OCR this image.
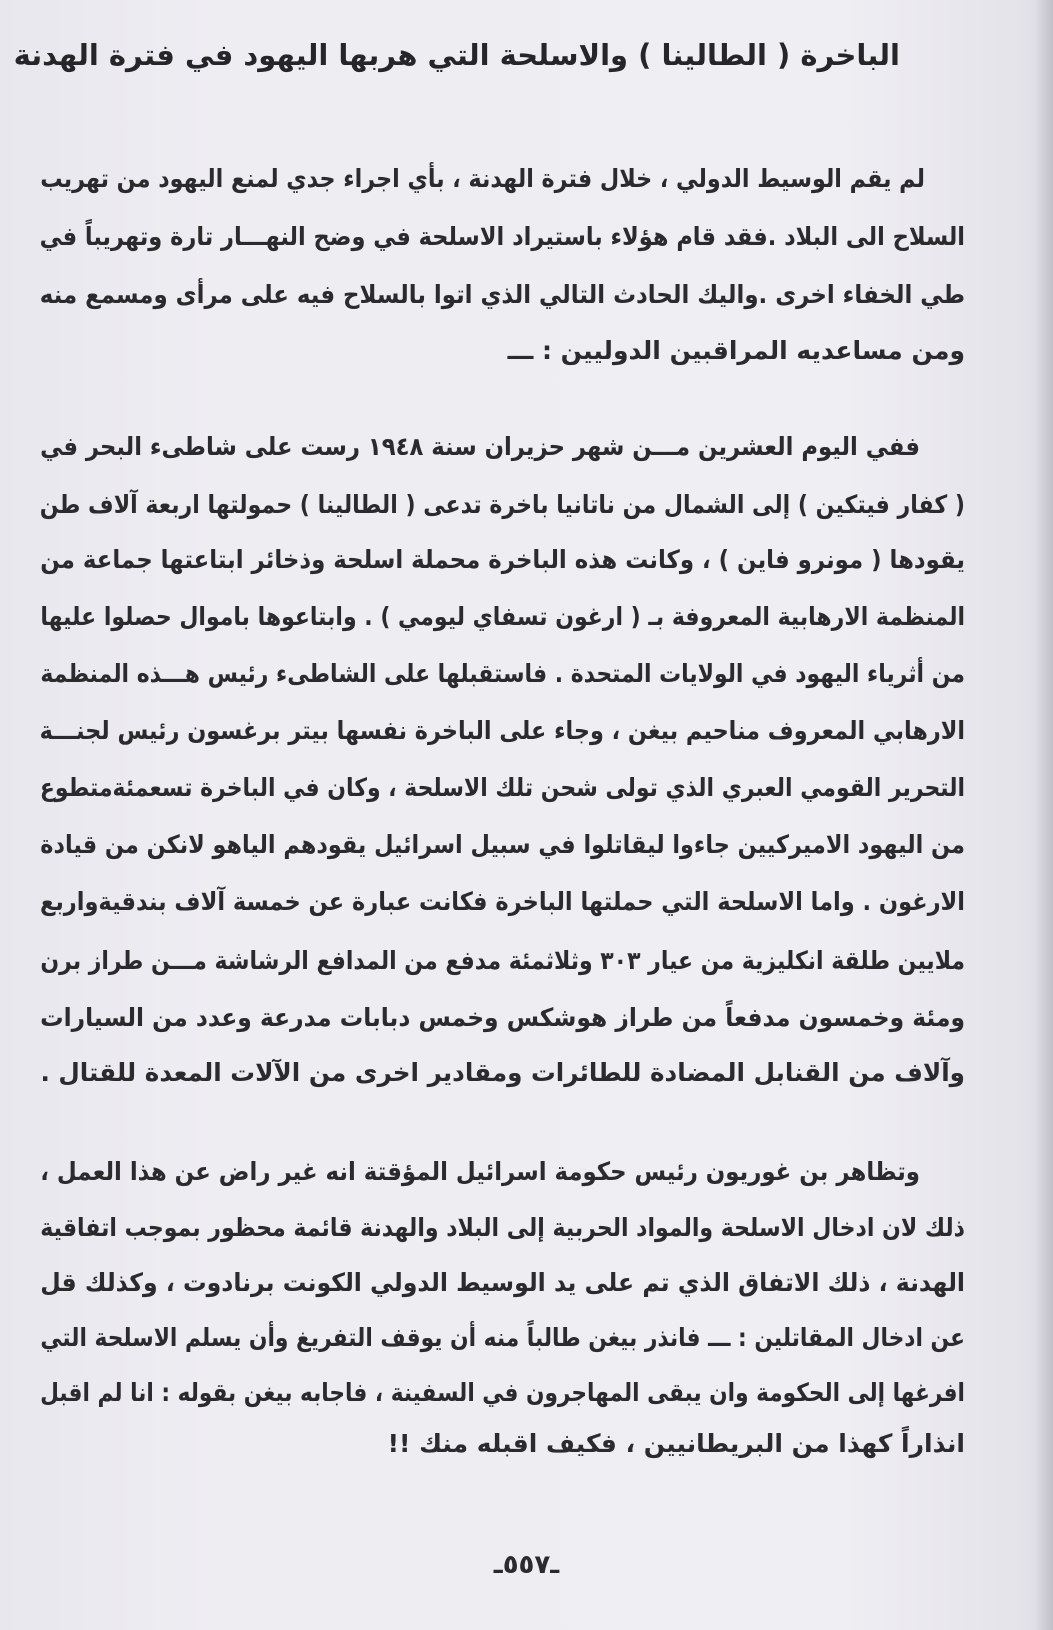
الباخرة ( الطالينا ) والاسلحة التي هربها اليهود في فترة الهدنة
لم يقم الوسيط الدولي ، خلال فترة الهدنة ، بأي اجراء جدي لمنع اليهود من تهريب
السلاح الى البلاد .فقد قام هؤلاء باستيراد الاسلحة في وضح النهـــار تارة وتهريباً في
طي الخفاء اخرى .واليك الحادث التالي الذي اتوا بالسلاح فيه على مرأى ومسمع منه
ومن مساعديه المراقبين الدوليين : ـــ
ففي اليوم العشرين مـــن شهر حزيران سنة ١٩٤٨ رست على شاطىء البحر في
( كفار فيتكين ) إلى الشمال من ناتانيا باخرة تدعى ( الطالينا ) حمولتها اربعة آلاف طن
يقودها ( مونرو فاين ) ، وكانت هذه الباخرة محملة اسلحة وذخائر ابتاعتها جماعة من
المنظمة الارهابية المعروفة بـ ( ارغون تسفاي ليومي ) . وابتاعوها باموال حصلوا عليها
من أثرياء اليهود في الولايات المتحدة . فاستقبلها على الشاطىء رئيس هـــذه المنظمة
الارهابي المعروف مناحيم بيغن ، وجاء على الباخرة نفسها بيتر برغسون رئيس لجنـــة
التحرير القومي العبري الذي تولى شحن تلك الاسلحة ، وكان في الباخرة تسعمئةمتطوع
من اليهود الاميركيين جاءوا ليقاتلوا في سبيل اسرائيل يقودهم الياهو لانكن من قيادة
الارغون . واما الاسلحة التي حملتها الباخرة فكانت عبارة عن خمسة آلاف بندقيةواربع
ملايين طلقة انكليزية من عيار ٣٠٣ وثلاثمئة مدفع من المدافع الرشاشة مـــن طراز برن
ومئة وخمسون مدفعاً من طراز هوشكس وخمس دبابات مدرعة وعدد من السيارات
وآلاف من القنابل المضادة للطائرات ومقادير اخرى من الآلات المعدة للقتال .
وتظاهر بن غوريون رئيس حكومة اسرائيل المؤقتة انه غير راض عن هذا العمل ،
ذلك لان ادخال الاسلحة والمواد الحربية إلى البلاد والهدنة قائمة محظور بموجب اتفاقية
الهدنة ، ذلك الاتفاق الذي تم على يد الوسيط الدولي الكونت برنادوت ، وكذلك قل
عن ادخال المقاتلين : ـــ فانذر بيغن طالباً منه أن يوقف التفريغ وأن يسلم الاسلحة التي
افرغها إلى الحكومة وان يبقى المهاجرون في السفينة ، فاجابه بيغن بقوله : انا لم اقبل
انذاراً كهذا من البريطانيين ، فكيف اقبله منك !!
ـ٥٥٧ـ
